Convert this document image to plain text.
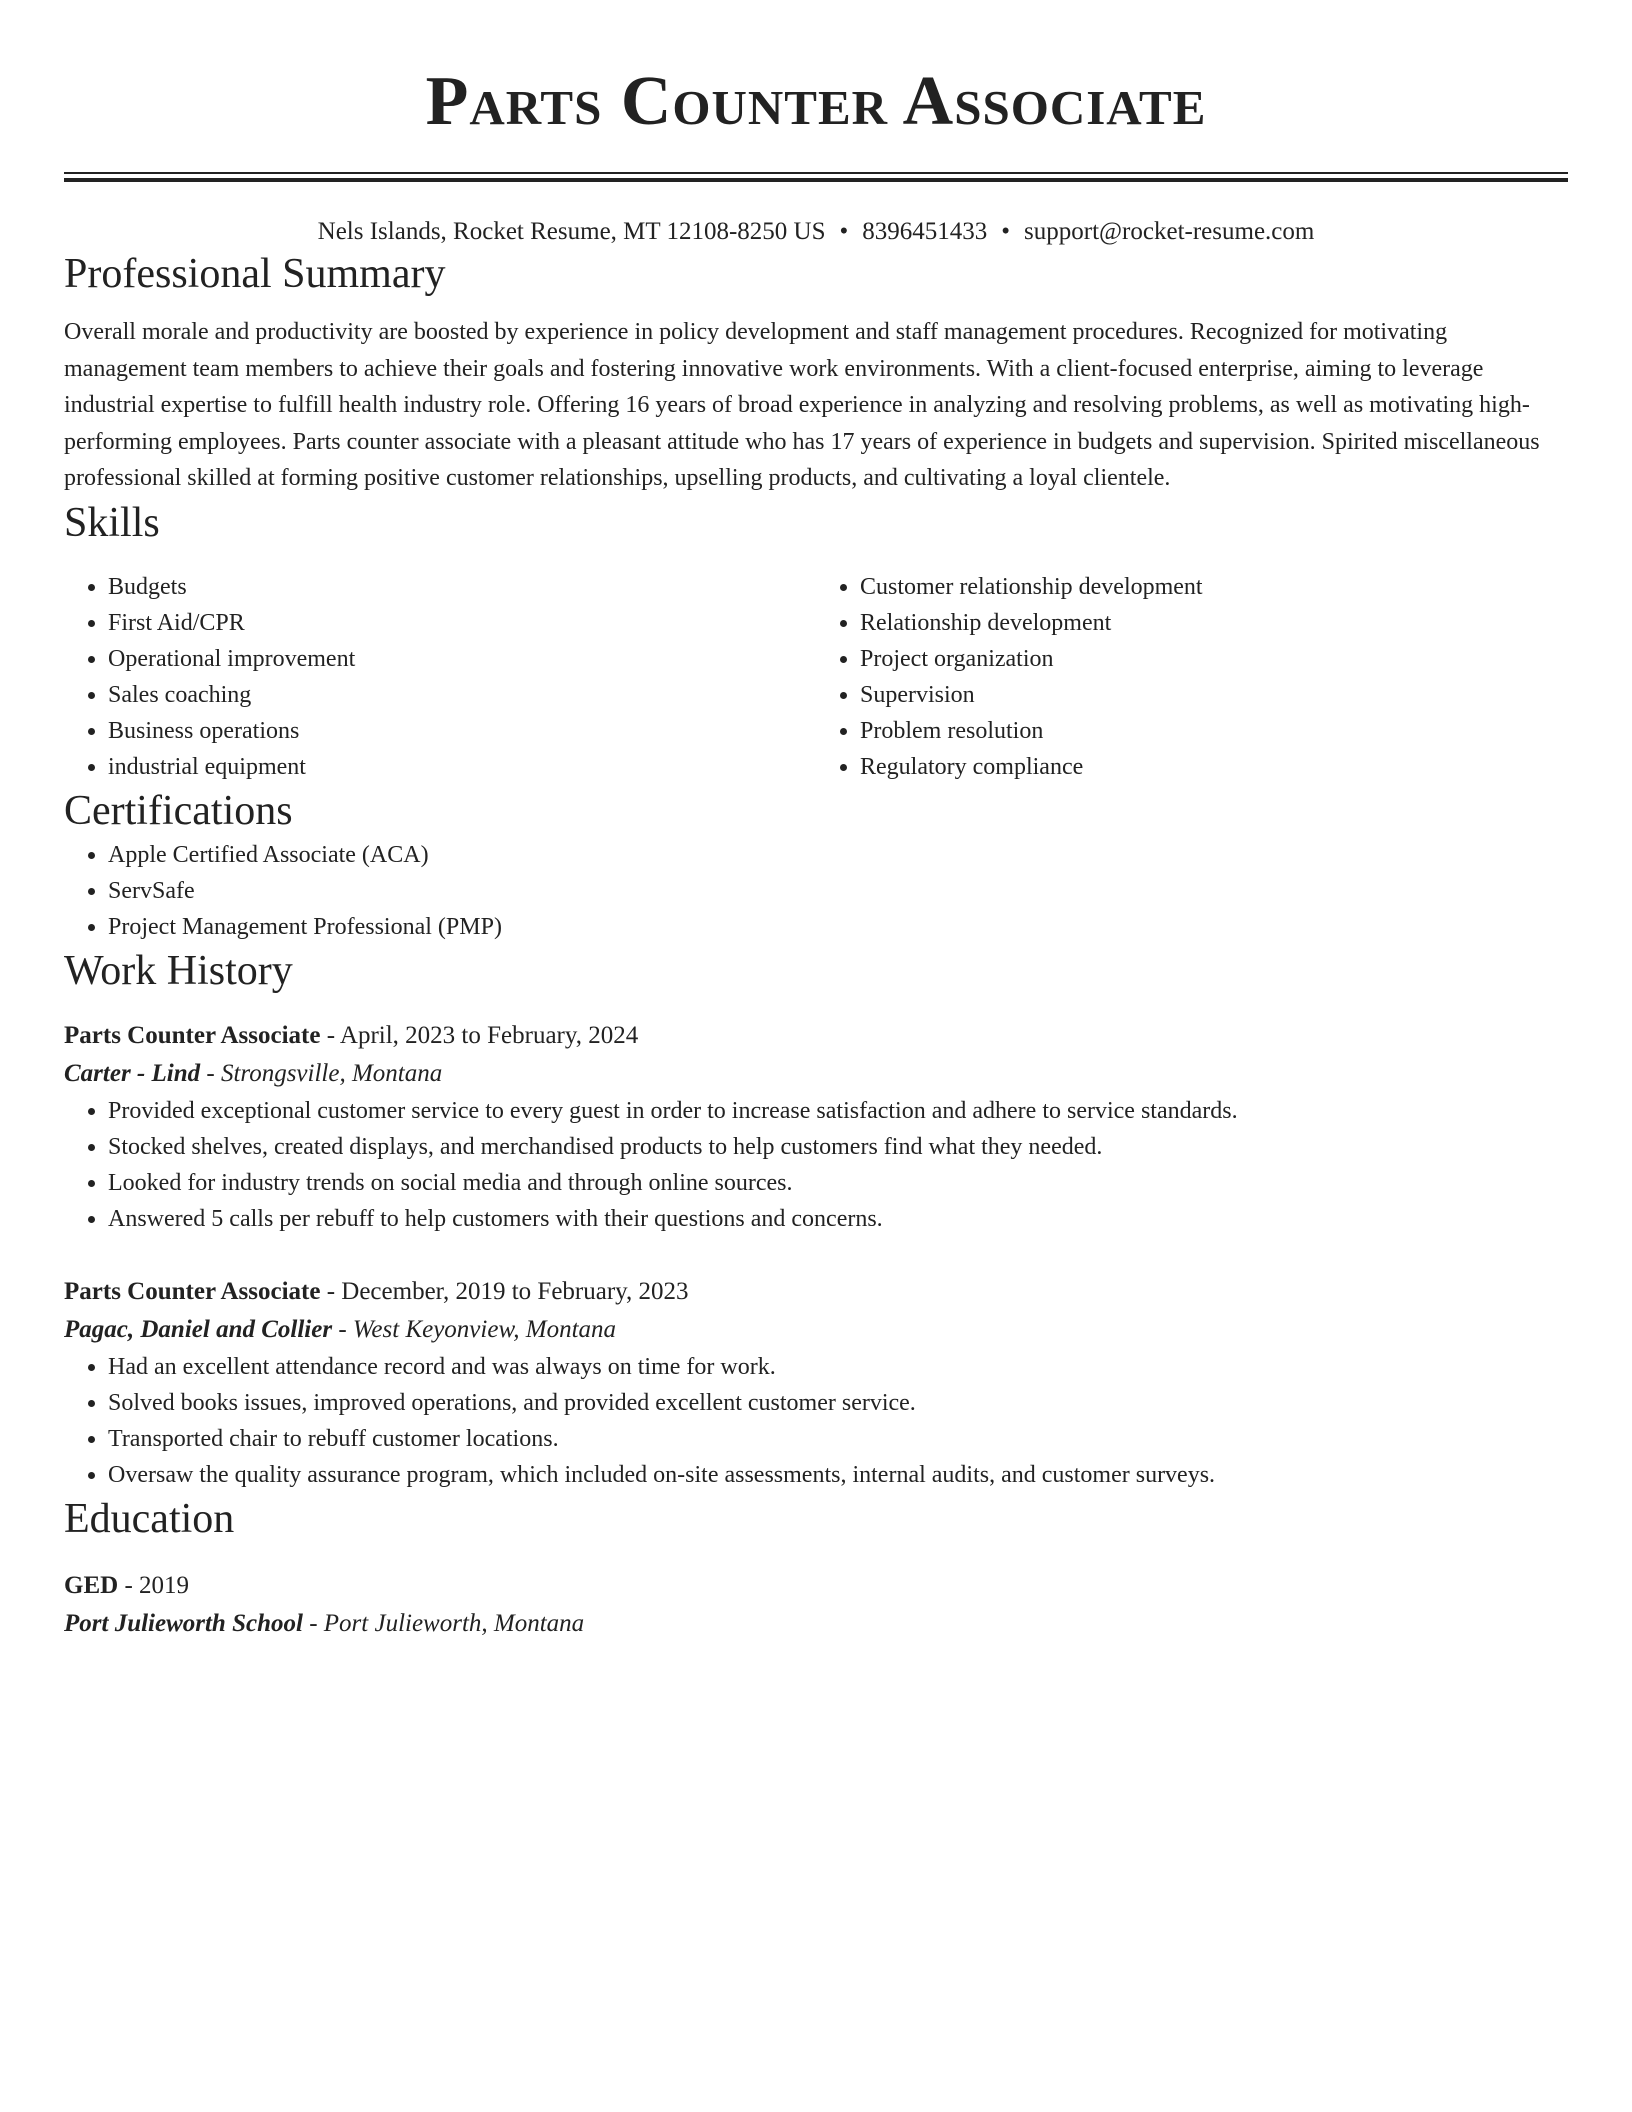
Parts Counter Associate
Nels Islands, Rocket Resume, MT 12108-8250 US • 8396451433 • support@rocket-resume.com
Professional Summary

Overall morale and productivity are boosted by experience in policy development and staff management procedures. Recognized for motivating management team members to achieve their goals and fostering innovative work environments. With a client-focused enterprise, aiming to leverage industrial expertise to fulfill health industry role. Offering 16 years of broad experience in analyzing and resolving problems, as well as motivating high-performing employees. Parts counter associate with a pleasant attitude who has 17 years of experience in budgets and supervision. Spirited miscellaneous professional skilled at forming positive customer relationships, upselling products, and cultivating a loyal clientele.

Skills
• Budgets
• First Aid/CPR
• Operational improvement
• Sales coaching
• Business operations
• industrial equipment
• Customer relationship development
• Relationship development
• Project organization
• Supervision
• Problem resolution
• Regulatory compliance
Certifications
• Apple Certified Associate (ACA)
• ServSafe
• Project Management Professional (PMP)
Work History
Parts Counter Associate - April, 2023 to February, 2024
Carter - Lind - Strongsville, Montana
• Provided exceptional customer service to every guest in order to increase satisfaction and adhere to service standards.
• Stocked shelves, created displays, and merchandised products to help customers find what they needed.
• Looked for industry trends on social media and through online sources.
• Answered 5 calls per rebuff to help customers with their questions and concerns.
Parts Counter Associate - December, 2019 to February, 2023
Pagac, Daniel and Collier - West Keyonview, Montana
• Had an excellent attendance record and was always on time for work.
• Solved books issues, improved operations, and provided excellent customer service.
• Transported chair to rebuff customer locations.
• Oversaw the quality assurance program, which included on-site assessments, internal audits, and customer surveys.
Education
GED - 2019
Port Julieworth School - Port Julieworth, Montana
